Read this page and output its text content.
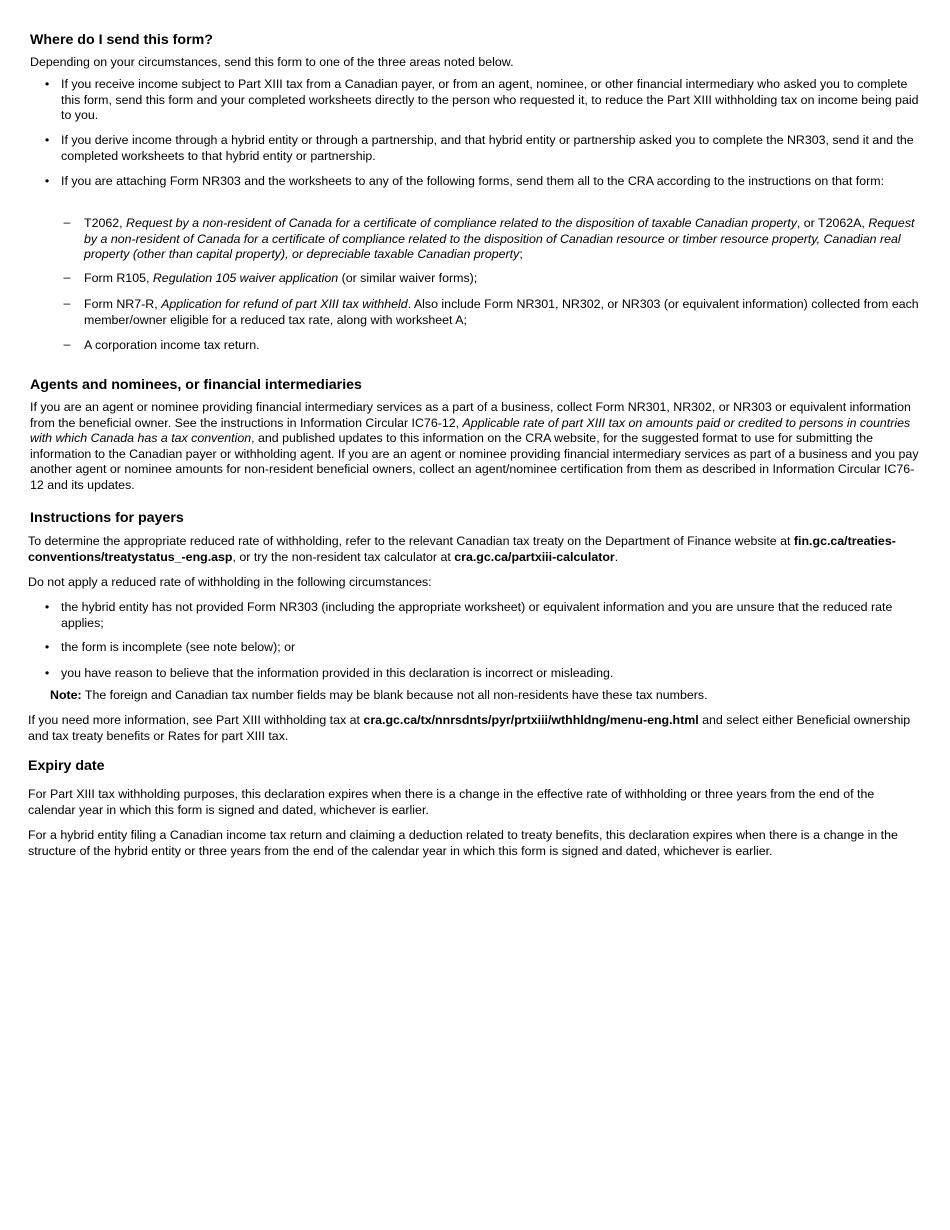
Where do I send this form?

Depending on your circumstances, send this form to one of the three areas noted below.

• If you receive income subject to Part XIII tax from a Canadian payer, or from an agent, nominee, or other financial intermediary who asked you to complete this form, send this form and your completed worksheets directly to the person who requested it, to reduce the Part XIII withholding tax on income being paid to you.

• If you derive income through a hybrid entity or through a partnership, and that hybrid entity or partnership asked you to complete the NR303, send it and the completed worksheets to that hybrid entity or partnership.

• If you are attaching Form NR303 and the worksheets to any of the following forms, send them all to the CRA according to the instructions on that form:

– T2062, Request by a non-resident of Canada for a certificate of compliance related to the disposition of taxable Canadian property, or T2062A, Request by a non-resident of Canada for a certificate of compliance related to the disposition of Canadian resource or timber resource property, Canadian real property (other than capital property), or depreciable taxable Canadian property;

– Form R105, Regulation 105 waiver application (or similar waiver forms);

– Form NR7-R, Application for refund of part XIII tax withheld. Also include Form NR301, NR302, or NR303 (or equivalent information) collected from each member/owner eligible for a reduced tax rate, along with worksheet A;

– A corporation income tax return.

Agents and nominees, or financial intermediaries

If you are an agent or nominee providing financial intermediary services as a part of a business, collect Form NR301, NR302, or NR303 or equivalent information from the beneficial owner. See the instructions in Information Circular IC76-12, Applicable rate of part XIII tax on amounts paid or credited to persons in countries with which Canada has a tax convention, and published updates to this information on the CRA website, for the suggested format to use for submitting the information to the Canadian payer or withholding agent. If you are an agent or nominee providing financial intermediary services as part of a business and you pay another agent or nominee amounts for non-resident beneficial owners, collect an agent/nominee certification from them as described in Information Circular IC76-12 and its updates.

Instructions for payers

To determine the appropriate reduced rate of withholding, refer to the relevant Canadian tax treaty on the Department of Finance website at fin.gc.ca/treaties-conventions/treatystatus_-eng.asp, or try the non-resident tax calculator at cra.gc.ca/partxiii-calculator.

Do not apply a reduced rate of withholding in the following circumstances:

• the hybrid entity has not provided Form NR303 (including the appropriate worksheet) or equivalent information and you are unsure that the reduced rate applies;

• the form is incomplete (see note below); or

• you have reason to believe that the information provided in this declaration is incorrect or misleading.

Note: The foreign and Canadian tax number fields may be blank because not all non-residents have these tax numbers.

If you need more information, see Part XIII withholding tax at cra.gc.ca/tx/nnrsdnts/pyr/prtxiii/wthhldng/menu-eng.html and select either Beneficial ownership and tax treaty benefits or Rates for part XIII tax.

Expiry date

For Part XIII tax withholding purposes, this declaration expires when there is a change in the effective rate of withholding or three years from the end of the calendar year in which this form is signed and dated, whichever is earlier.

For a hybrid entity filing a Canadian income tax return and claiming a deduction related to treaty benefits, this declaration expires when there is a change in the structure of the hybrid entity or three years from the end of the calendar year in which this form is signed and dated, whichever is earlier.
